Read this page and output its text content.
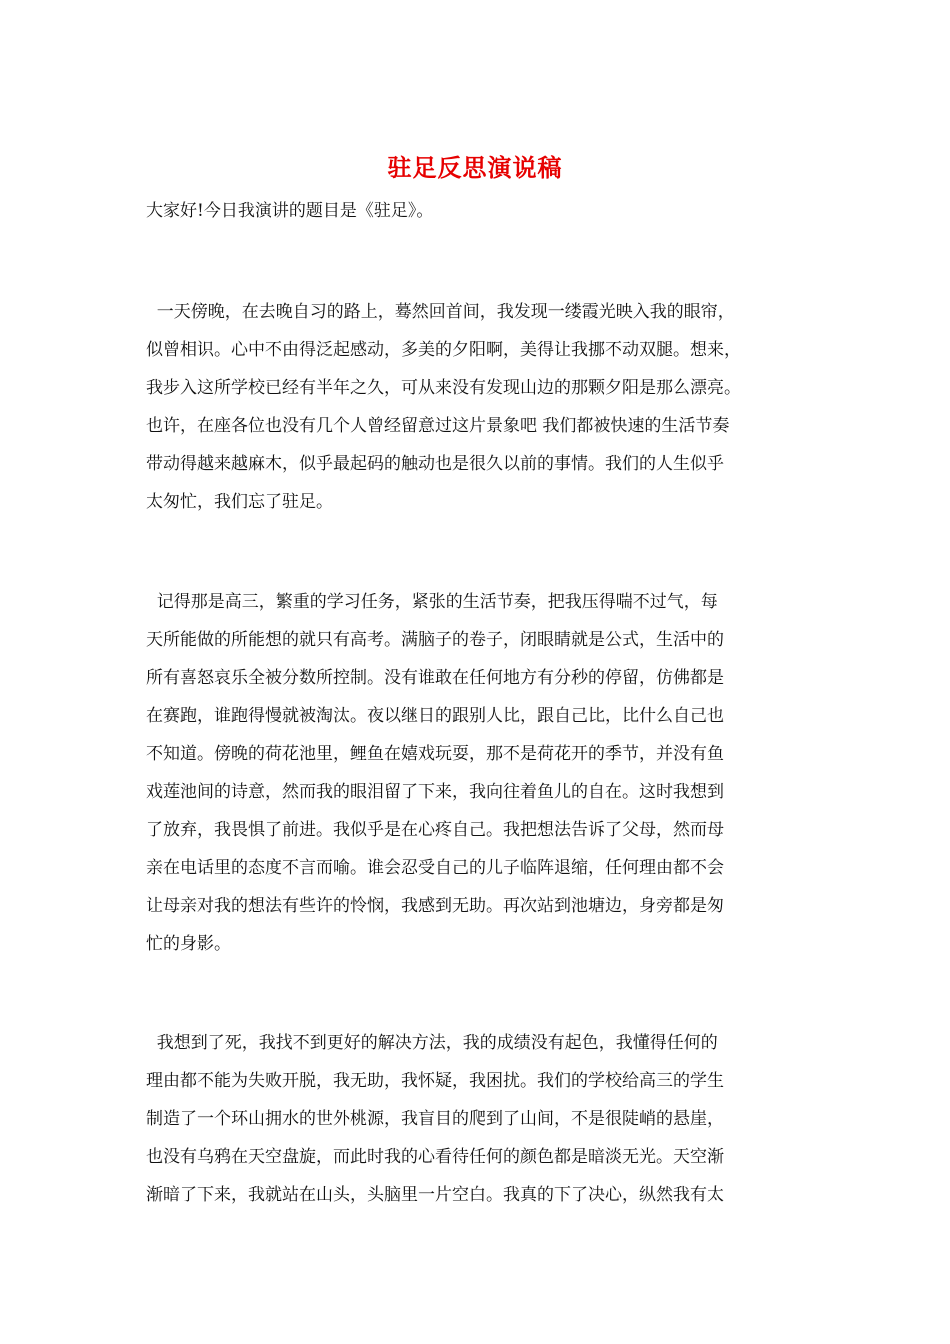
驻足反思演说稿
大家好!今日我演讲的题目是《驻足》。
一天傍晚，在去晚自习的路上，蓦然回首间，我发现一缕霞光映入我的眼帘，
似曾相识。心中不由得泛起感动，多美的夕阳啊，美得让我挪不动双腿。想来，
我步入这所学校已经有半年之久，可从来没有发现山边的那颗夕阳是那么漂亮。
也许，在座各位也没有几个人曾经留意过这片景象吧 我们都被快速的生活节奏
带动得越来越麻木，似乎最起码的触动也是很久以前的事情。我们的人生似乎
太匆忙，我们忘了驻足。
记得那是高三，繁重的学习任务，紧张的生活节奏，把我压得喘不过气，每
天所能做的所能想的就只有高考。满脑子的卷子，闭眼睛就是公式，生活中的
所有喜怒哀乐全被分数所控制。没有谁敢在任何地方有分秒的停留，仿佛都是
在赛跑，谁跑得慢就被淘汰。夜以继日的跟别人比，跟自己比，比什么自己也
不知道。傍晚的荷花池里，鲤鱼在嬉戏玩耍，那不是荷花开的季节，并没有鱼
戏莲池间的诗意，然而我的眼泪留了下来，我向往着鱼儿的自在。这时我想到
了放弃，我畏惧了前进。我似乎是在心疼自己。我把想法告诉了父母，然而母
亲在电话里的态度不言而喻。谁会忍受自己的儿子临阵退缩，任何理由都不会
让母亲对我的想法有些许的怜悯，我感到无助。再次站到池塘边，身旁都是匆
忙的身影。
我想到了死，我找不到更好的解决方法，我的成绩没有起色，我懂得任何的
理由都不能为失败开脱，我无助，我怀疑，我困扰。我们的学校给高三的学生
制造了一个环山拥水的世外桃源，我盲目的爬到了山间，不是很陡峭的悬崖，
也没有乌鸦在天空盘旋，而此时我的心看待任何的颜色都是暗淡无光。天空渐
渐暗了下来，我就站在山头，头脑里一片空白。我真的下了决心，纵然我有太
